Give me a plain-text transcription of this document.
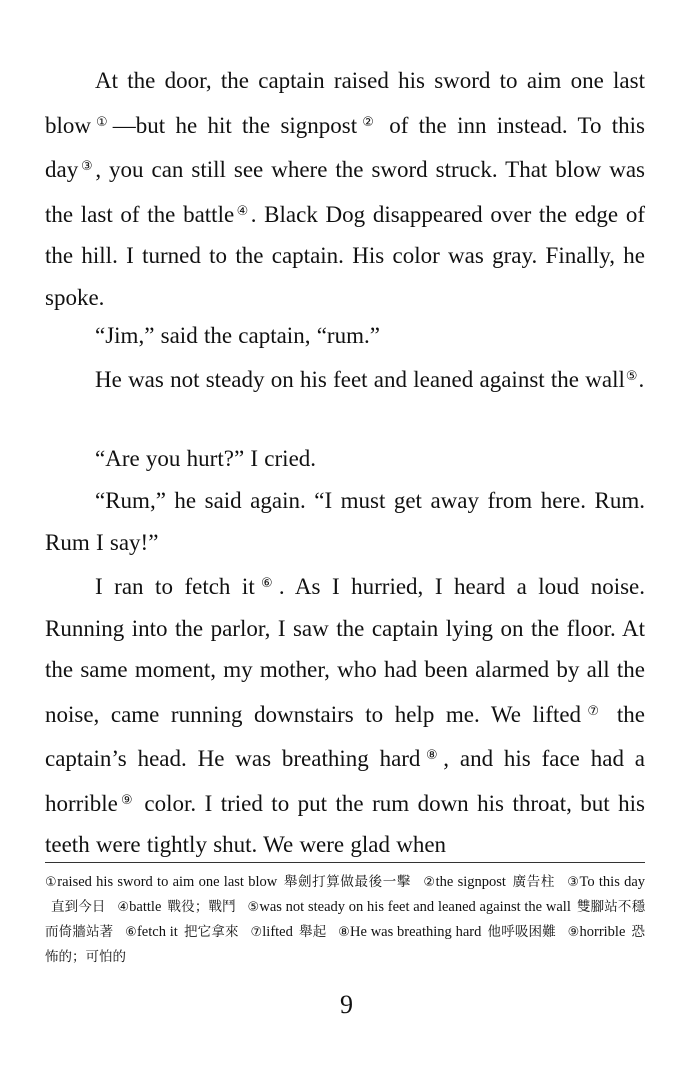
At the door, the captain raised his sword to aim one last blow①—but he hit the signpost② of the inn instead. To this day③, you can still see where the sword struck. That blow was the last of the battle④. Black Dog disappeared over the edge of the hill. I turned to the captain. His color was gray. Finally, he spoke.

“Jim,” said the captain, “rum.”

He was not steady on his feet and leaned against the wall⑤.

“Are you hurt?” I cried.

“Rum,” he said again. “I must get away from here. Rum. Rum I say!”

I ran to fetch it⑥. As I hurried, I heard a loud noise. Running into the parlor, I saw the captain lying on the floor. At the same moment, my mother, who had been alarmed by all the noise, came running downstairs to help me. We lifted⑦ the captain’s head. He was breathing hard⑧, and his face had a horrible⑨ color. I tried to put the rum down his throat, but his teeth were tightly shut. We were glad when

①raised his sword to aim one last blow 舉劍打算做最後一擊 ②the signpost 廣告柱 ③To this day直到今日 ④battle 戰役；戰鬥 ⑤was not steady on his feet and leaned against the wall 雙腳站不穩而倚牆站著 ⑥fetch it 把它拿來 ⑦lifted 舉起 ⑧He was breathing hard 他呼吸困難 ⑨horrible 恐怖的；可怕的
9
